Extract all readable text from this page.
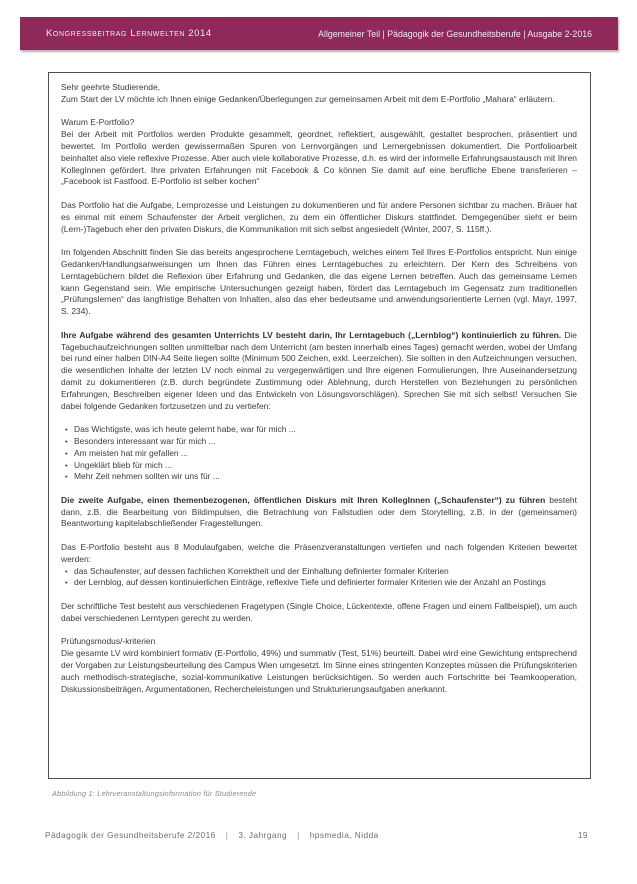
Kongressbeitrag Lernwelten 2014	Allgemeiner Teil | Pädagogik der Gesundheitsberufe | Ausgabe 2-2016

Sehr geehrte Studierende,
Zum Start der LV möchte ich Ihnen einige Gedanken/Überlegungen zur gemeinsamen Arbeit mit dem E-Portfolio „Mahara“ erläutern.

Warum E-Portfolio?
Bei der Arbeit mit Portfolios werden Produkte gesammelt, geordnet, reflektiert, ausgewählt, gestaltet besprochen, präsentiert und bewertet. Im Portfolio werden gewissermaßen Spuren von Lernvorgängen und Lernergebnissen dokumentiert. Die Portfolioarbeit beinhaltet also viele reflexive Prozesse. Aber auch viele kollaborative Prozesse, d.h. es wird der informelle Erfahrungsaustausch mit Ihren KollegInnen gefördert. Ihre privaten Erfahrungen mit Facebook & Co können Sie damit auf eine berufliche Ebene transferieren – „Facebook ist Fastfood. E-Portfolio ist selber kochen“

Das Portfolio hat die Aufgabe, Lernprozesse und Leistungen zu dokumentieren und für andere Personen sichtbar zu machen. Bräuer hat es einmal mit einem Schaufenster der Arbeit verglichen, zu dem ein öffentlicher Diskurs stattfindet. Demgegenüber sieht er beim (Lern-)Tagebuch eher den privaten Diskurs, die Kommunikation mit sich selbst angesiedelt (Winter, 2007, S. 115ff.).

Im folgenden Abschnitt finden Sie das bereits angesprochene Lerntagebuch, welches einem Teil Ihres E-Portfolios entspricht. Nun einige Gedanken/Handlungsanweisungen um Ihnen das Führen eines Lerntagebuches zu erleichtern. Der Kern des Schreibens von Lerntagebüchern bildet die Reflexion über Erfahrung und Gedanken, die das eigene Lernen betreffen. Auch das gemeinsame Lernen kann Gegenstand sein. Wie empirische Untersuchungen gezeigt haben, fördert das Lerntagebuch im Gegensatz zum traditionellen „Prüfungslernen“ das langfristige Behalten von Inhalten, also das eher bedeutsame und anwendungsorientierte Lernen (vgl. Mayr, 1997, S. 234).

Ihre Aufgabe während des gesamten Unterrichts LV besteht darin, Ihr Lerntagebuch („Lernblog“) kontinuierlich zu führen. Die Tagebuchaufzeichnungen sollten unmittelbar nach dem Unterricht (am besten innerhalb eines Tages) gemacht werden, wobei der Umfang bei rund einer halben DIN-A4 Seite liegen sollte (Minimum 500 Zeichen, exkl. Leerzeichen). Sie sollten in den Aufzeichnungen versuchen, die wesentlichen Inhalte der letzten LV noch einmal zu vergegenwärtigen und Ihre eigenen Formulierungen, Ihre Auseinandersetzung damit zu dokumentieren (z.B. durch begründete Zustimmung oder Ablehnung, durch Herstellen von Beziehungen zu persönlichen Erfahrungen, Beschreiben eigener Ideen und das Entwickeln von Lösungsvorschlägen). Sprechen Sie mit sich selbst! Versuchen Sie dabei folgende Gedanken fortzusetzen und zu vertiefen:

• Das Wichtigste, was ich heute gelernt habe, war für mich ...
• Besonders interessant war für mich ...
• Am meisten hat mir gefallen ...
• Ungeklärt blieb für mich ...
• Mehr Zeit nehmen sollten wir uns für ...

Die zweite Aufgabe, einen themenbezogenen, öffentlichen Diskurs mit Ihren KollegInnen („Schaufenster“) zu führen besteht dann, z.B. die Bearbeitung von Bildimpulsen, die Betrachtung von Fallstudien oder dem Storytelling, z.B. in der (gemeinsamen) Beantwortung kapitelabschließender Fragestellungen.

Das E-Portfolio besteht aus 8 Modulaufgaben, welche die Präsenzveranstaltungen vertiefen und nach folgenden Kriterien bewertet werden:

• das Schaufenster, auf dessen fachlichen Korrektheit und der Einhaltung definierter formaler Kriterien
• der Lernblog, auf dessen kontinuierlichen Einträge, reflexive Tiefe und definierter formaler Kriterien wie der Anzahl an Postings

Der schriftliche Test besteht aus verschiedenen Fragetypen (Single Choice, Lückentexte, offene Fragen und einem Fallbeispiel), um auch dabei verschiedenen Lerntypen gerecht zu werden.

Prüfungsmodus/-kriterien
Die gesamte LV wird kombiniert formativ (E-Portfolio, 49%) und summativ (Test, 51%) beurteilt. Dabei wird eine Gewichtung entsprechend der Vorgaben zur Leistungsbeurteilung des Campus Wien umgesetzt. Im Sinne eines stringenten Konzeptes müssen die Prüfungskriterien auch methodisch-strategische, sozial-kommunikative Leistungen berücksichtigen. So werden auch Fortschritte bei Teamkooperation, Diskussionsbeiträgen, Argumentationen, Rechercheleistungen und Strukturierungsaufgaben anerkannt.

Abbildung 1: Lehrveranstaltungsinformation für Studierende
Pädagogik der Gesundheitsberufe 2/2016 | 3. Jahrgang | hpsmedia, Nidda	19
